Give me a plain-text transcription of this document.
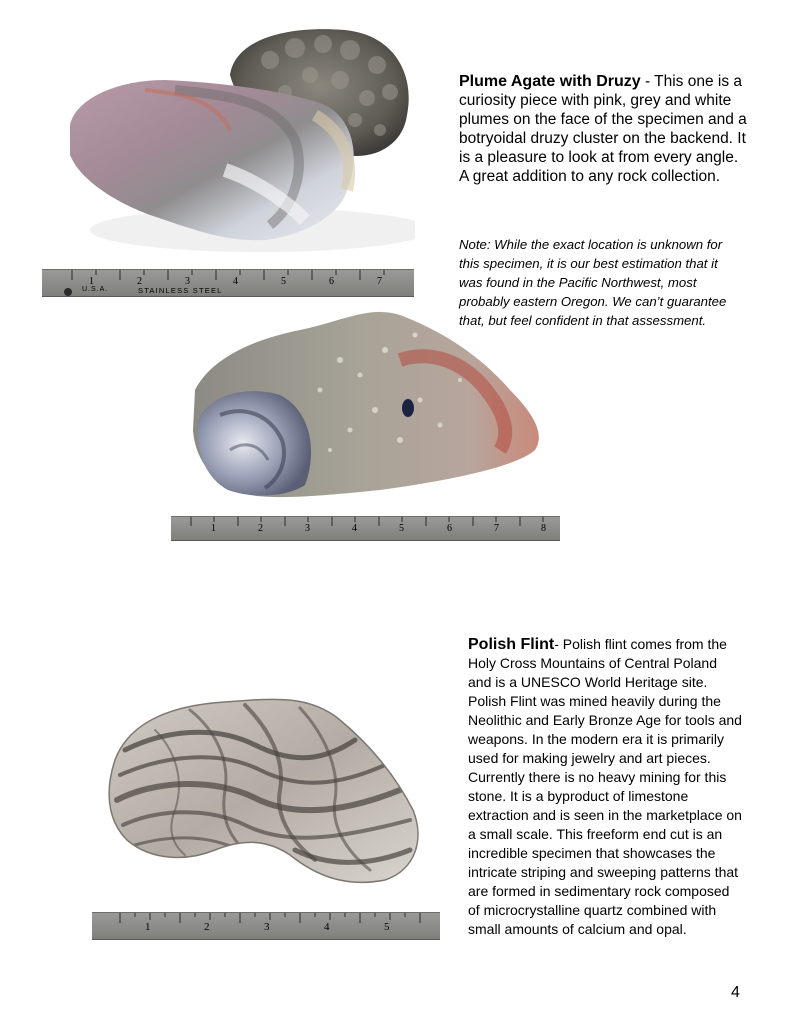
1	2	3	4	5	6	7
U.S.A.	STAINLESS STEEL
1	2	3	4	5	6	7	8
Plume Agate with Druzy - This one is a curiosity piece with pink, grey and white plumes on the face of the specimen and a botryoidal druzy cluster on the backend. It is a pleasure to look at from every angle. A great addition to any rock collection.
Note: While the exact location is unknown for this specimen, it is our best estimation that it was found in the Pacific Northwest, most probably eastern Oregon. We can’t guarantee that, but feel confident in that assessment.
1	2	3	4	5
Polish Flint- Polish flint comes from the Holy Cross Mountains of Central Poland and is a UNESCO World Heritage site. Polish Flint was mined heavily during the Neolithic and Early Bronze Age for tools and weapons. In the modern era it is primarily used for making jewelry and art pieces. Currently there is no heavy mining for this stone. It is a byproduct of limestone extraction and is seen in the marketplace on a small scale. This freeform end cut is an incredible specimen that showcases the intricate striping and sweeping patterns that are formed in sedimentary rock composed of microcrystalline quartz combined with small amounts of calcium and opal.
4
